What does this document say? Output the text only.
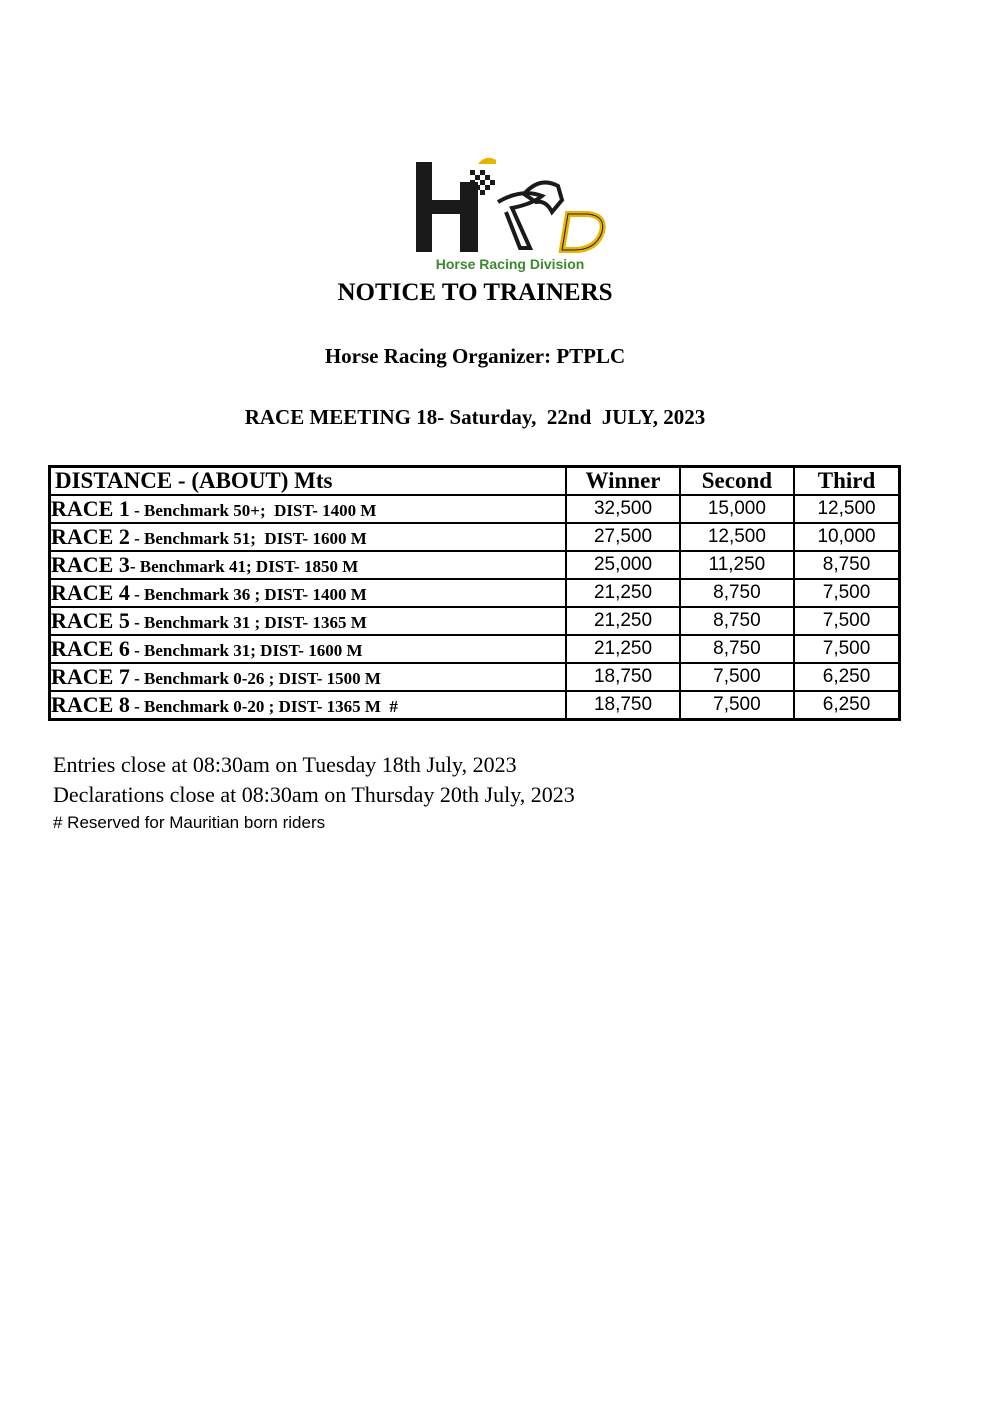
Horse Racing Division
NOTICE TO TRAINERS
Horse Racing Organizer: PTPLC
RACE MEETING 18- Saturday,  22nd  JULY, 2023
DISTANCE - (ABOUT) Mts	Winner	Second	Third
RACE 1 - Benchmark 50+;  DIST- 1400 M	32,500	15,000	12,500
RACE 2 - Benchmark 51;  DIST- 1600 M	27,500	12,500	10,000
RACE 3- Benchmark 41; DIST- 1850 M	25,000	11,250	8,750
RACE 4 - Benchmark 36 ; DIST- 1400 M	21,250	8,750	7,500
RACE 5 - Benchmark 31 ; DIST- 1365 M	21,250	8,750	7,500
RACE 6 - Benchmark 31; DIST- 1600 M	21,250	8,750	7,500
RACE 7 - Benchmark 0-26 ; DIST- 1500 M	18,750	7,500	6,250
RACE 8 - Benchmark 0-20 ; DIST- 1365 M  #	18,750	7,500	6,250
Entries close at 08:30am on Tuesday 18th July, 2023
Declarations close at 08:30am on Thursday 20th July, 2023
# Reserved for Mauritian born riders
